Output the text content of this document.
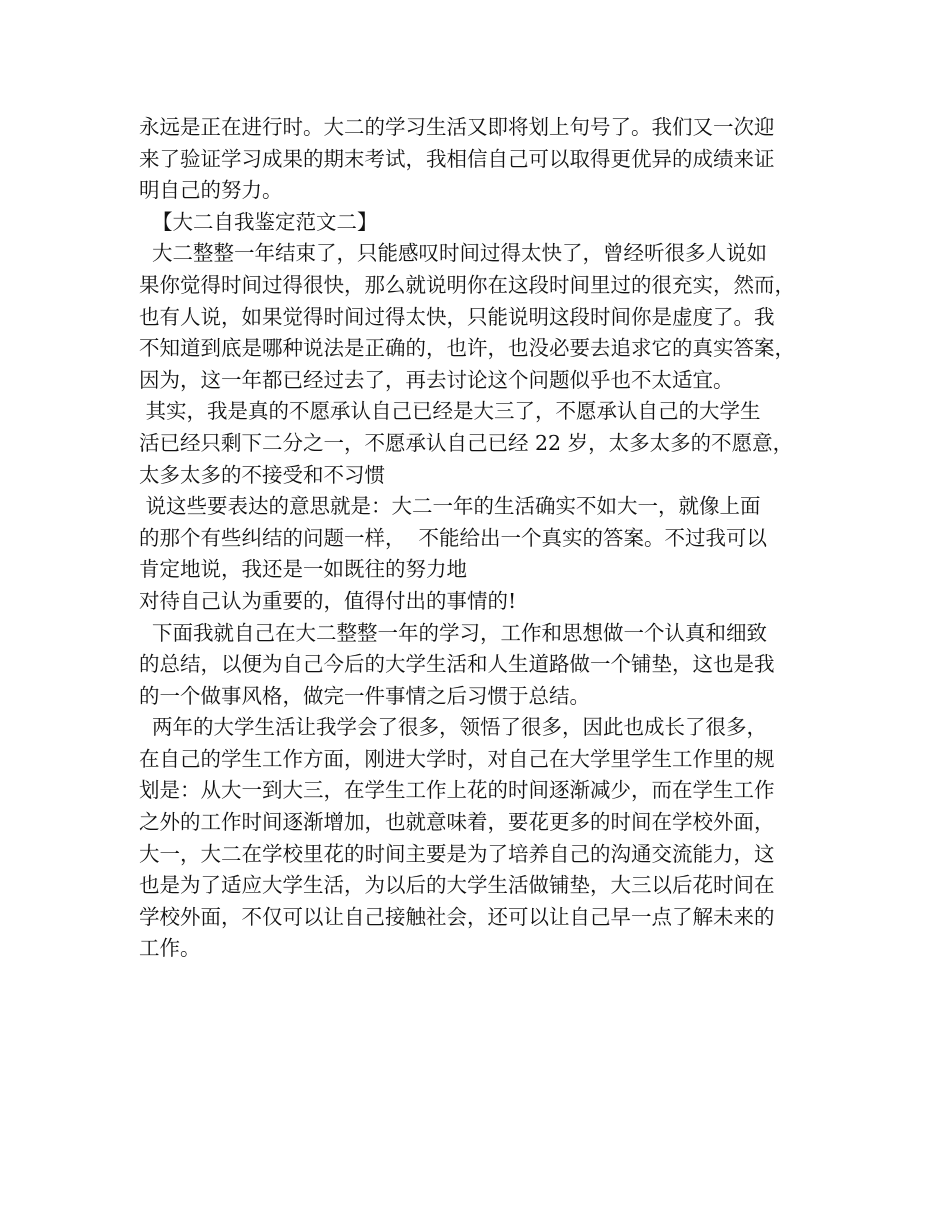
永远是正在进行时。大二的学习生活又即将划上句号了。我们又一次迎
来了验证学习成果的期末考试，我相信自己可以取得更优异的成绩来证
明自己的努力。
【大二自我鉴定范文二】
大二整整一年结束了，只能感叹时间过得太快了，曾经听很多人说如
果你觉得时间过得很快，那么就说明你在这段时间里过的很充实，然而，
也有人说，如果觉得时间过得太快，只能说明这段时间你是虚度了。我
不知道到底是哪种说法是正确的，也许，也没必要去追求它的真实答案，
因为，这一年都已经过去了，再去讨论这个问题似乎也不太适宜。
其实，我是真的不愿承认自己已经是大三了，不愿承认自己的大学生
活已经只剩下二分之一，不愿承认自己已经 22 岁，太多太多的不愿意，
太多太多的不接受和不习惯
说这些要表达的意思就是：大二一年的生活确实不如大一，就像上面
的那个有些纠结的问题一样，  不能给出一个真实的答案。不过我可以
肯定地说，我还是一如既往的努力地
对待自己认为重要的，值得付出的事情的!
下面我就自己在大二整整一年的学习，工作和思想做一个认真和细致
的总结，以便为自己今后的大学生活和人生道路做一个铺垫，这也是我
的一个做事风格，做完一件事情之后习惯于总结。
两年的大学生活让我学会了很多，领悟了很多，因此也成长了很多，
在自己的学生工作方面，刚进大学时，对自己在大学里学生工作里的规
划是：从大一到大三，在学生工作上花的时间逐渐减少，而在学生工作
之外的工作时间逐渐增加，也就意味着，要花更多的时间在学校外面，
大一，大二在学校里花的时间主要是为了培养自己的沟通交流能力，这
也是为了适应大学生活，为以后的大学生活做铺垫，大三以后花时间在
学校外面，不仅可以让自己接触社会，还可以让自己早一点了解未来的
工作。
